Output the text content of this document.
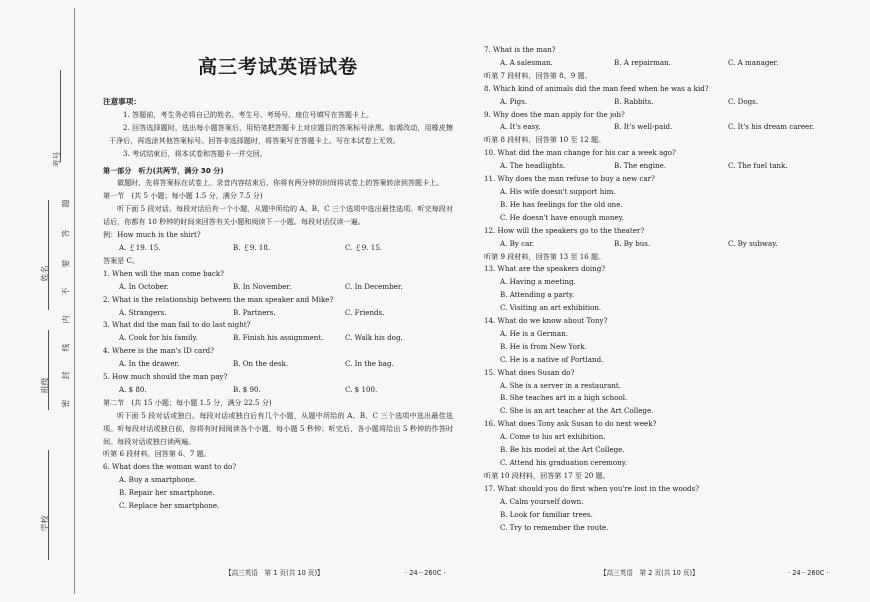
考号
姓名
班级
学校
题
答
要
不
内
线
封
密
高三考试英语试卷
注意事项：
1. 答题前，考生务必将自己的姓名、考生号、考场号、座位号填写在答题卡上。
2. 回答选择题时，选出每小题答案后，用铅笔把答题卡上对应题目的答案标号涂黑。如需改动，用橡皮擦干净后，再选涂其他答案标号。回答非选择题时，将答案写在答题卡上。写在本试卷上无效。
3. 考试结束后，将本试卷和答题卡一并交回。
第一部分　听力(共两节，满分 30 分)
做题时，先将答案标在试卷上。录音内容结束后，你将有两分钟的时间将试卷上的答案转涂到答题卡上。
第一节　(共 5 小题；每小题 1.5 分，满分 7.5 分)
听下面 5 段对话。每段对话后有一个小题，从题中所给的 A、B、C 三个选项中选出最佳选项。听完每段对话后，你都有 10 秒钟的时间来回答有关小题和阅读下一小题。每段对话仅读一遍。
例：How much is the shirt?
A. ￡19. 15.	B. ￡9. 18.	C. ￡9. 15.
答案是 C。
1. When will the man come back?
A. In October.	B. In November.	C. In December.
2. What is the relationship between the man speaker and Mike?
A. Strangers.	B. Partners.	C. Friends.
3. What did the man fail to do last night?
A. Cook for his family.	B. Finish his assignment.	C. Walk his dog.
4. Where is the man's ID card?
A. In the drawer.	B. On the desk.	C. In the bag.
5. How much should the man pay?
A. $ 80.	B. $ 90.	C. $ 100.
第二节　(共 15 小题；每小题 1.5 分，满分 22.5 分)
听下面 5 段对话或独白。每段对话或独白后有几个小题，从题中所给的 A、B、C 三个选项中选出最佳选项。听每段对话或独白前，你将有时间阅读各个小题，每小题 5 秒钟；听完后，各小题将给出 5 秒钟的作答时间。每段对话或独白读两遍。
听第 6 段材料，回答第 6、7 题。
6. What does the woman want to do?
A. Buy a smartphone.
B. Repair her smartphone.
C. Replace her smartphone.
7. What is the man?
A. A salesman.	B. A repairman.	C. A manager.
听第 7 段材料，回答第 8、9 题。
8. Which kind of animals did the man feed when he was a kid?
A. Pigs.	B. Rabbits.	C. Dogs.
9. Why does the man apply for the job?
A. It's easy.	B. It's well-paid.	C. It's his dream career.
听第 8 段材料，回答第 10 至 12 题。
10. What did the man change for his car a week ago?
A. The headlights.	B. The engine.	C. The fuel tank.
11. Why does the man refuse to buy a new car?
A. His wife doesn't support him.
B. He has feelings for the old one.
C. He doesn't have enough money.
12. How will the speakers go to the theater?
A. By car.	B. By bus.	C. By subway.
听第 9 段材料，回答第 13 至 16 题。
13. What are the speakers doing?
A. Having a meeting.
B. Attending a party.
C. Visiting an art exhibition.
14. What do we know about Tony?
A. He is a German.
B. He is from New York.
C. He is a native of Portland.
15. What does Susan do?
A. She is a server in a restaurant.
B. She teaches art in a high school.
C. She is an art teacher at the Art College.
16. What does Tony ask Susan to do next week?
A. Come to his art exhibition.
B. Be his model at the Art College.
C. Attend his graduation ceremony.
听第 10 段材料，回答第 17 至 20 题。
17. What should you do first when you're lost in the woods?
A. Calm yourself down.
B. Look for familiar trees.
C. Try to remember the route.
【高三英语　第 1 页(共 10 页)】	· 24－260C ·	【高三英语　第 2 页(共 10 页)】	· 24－260C ·
